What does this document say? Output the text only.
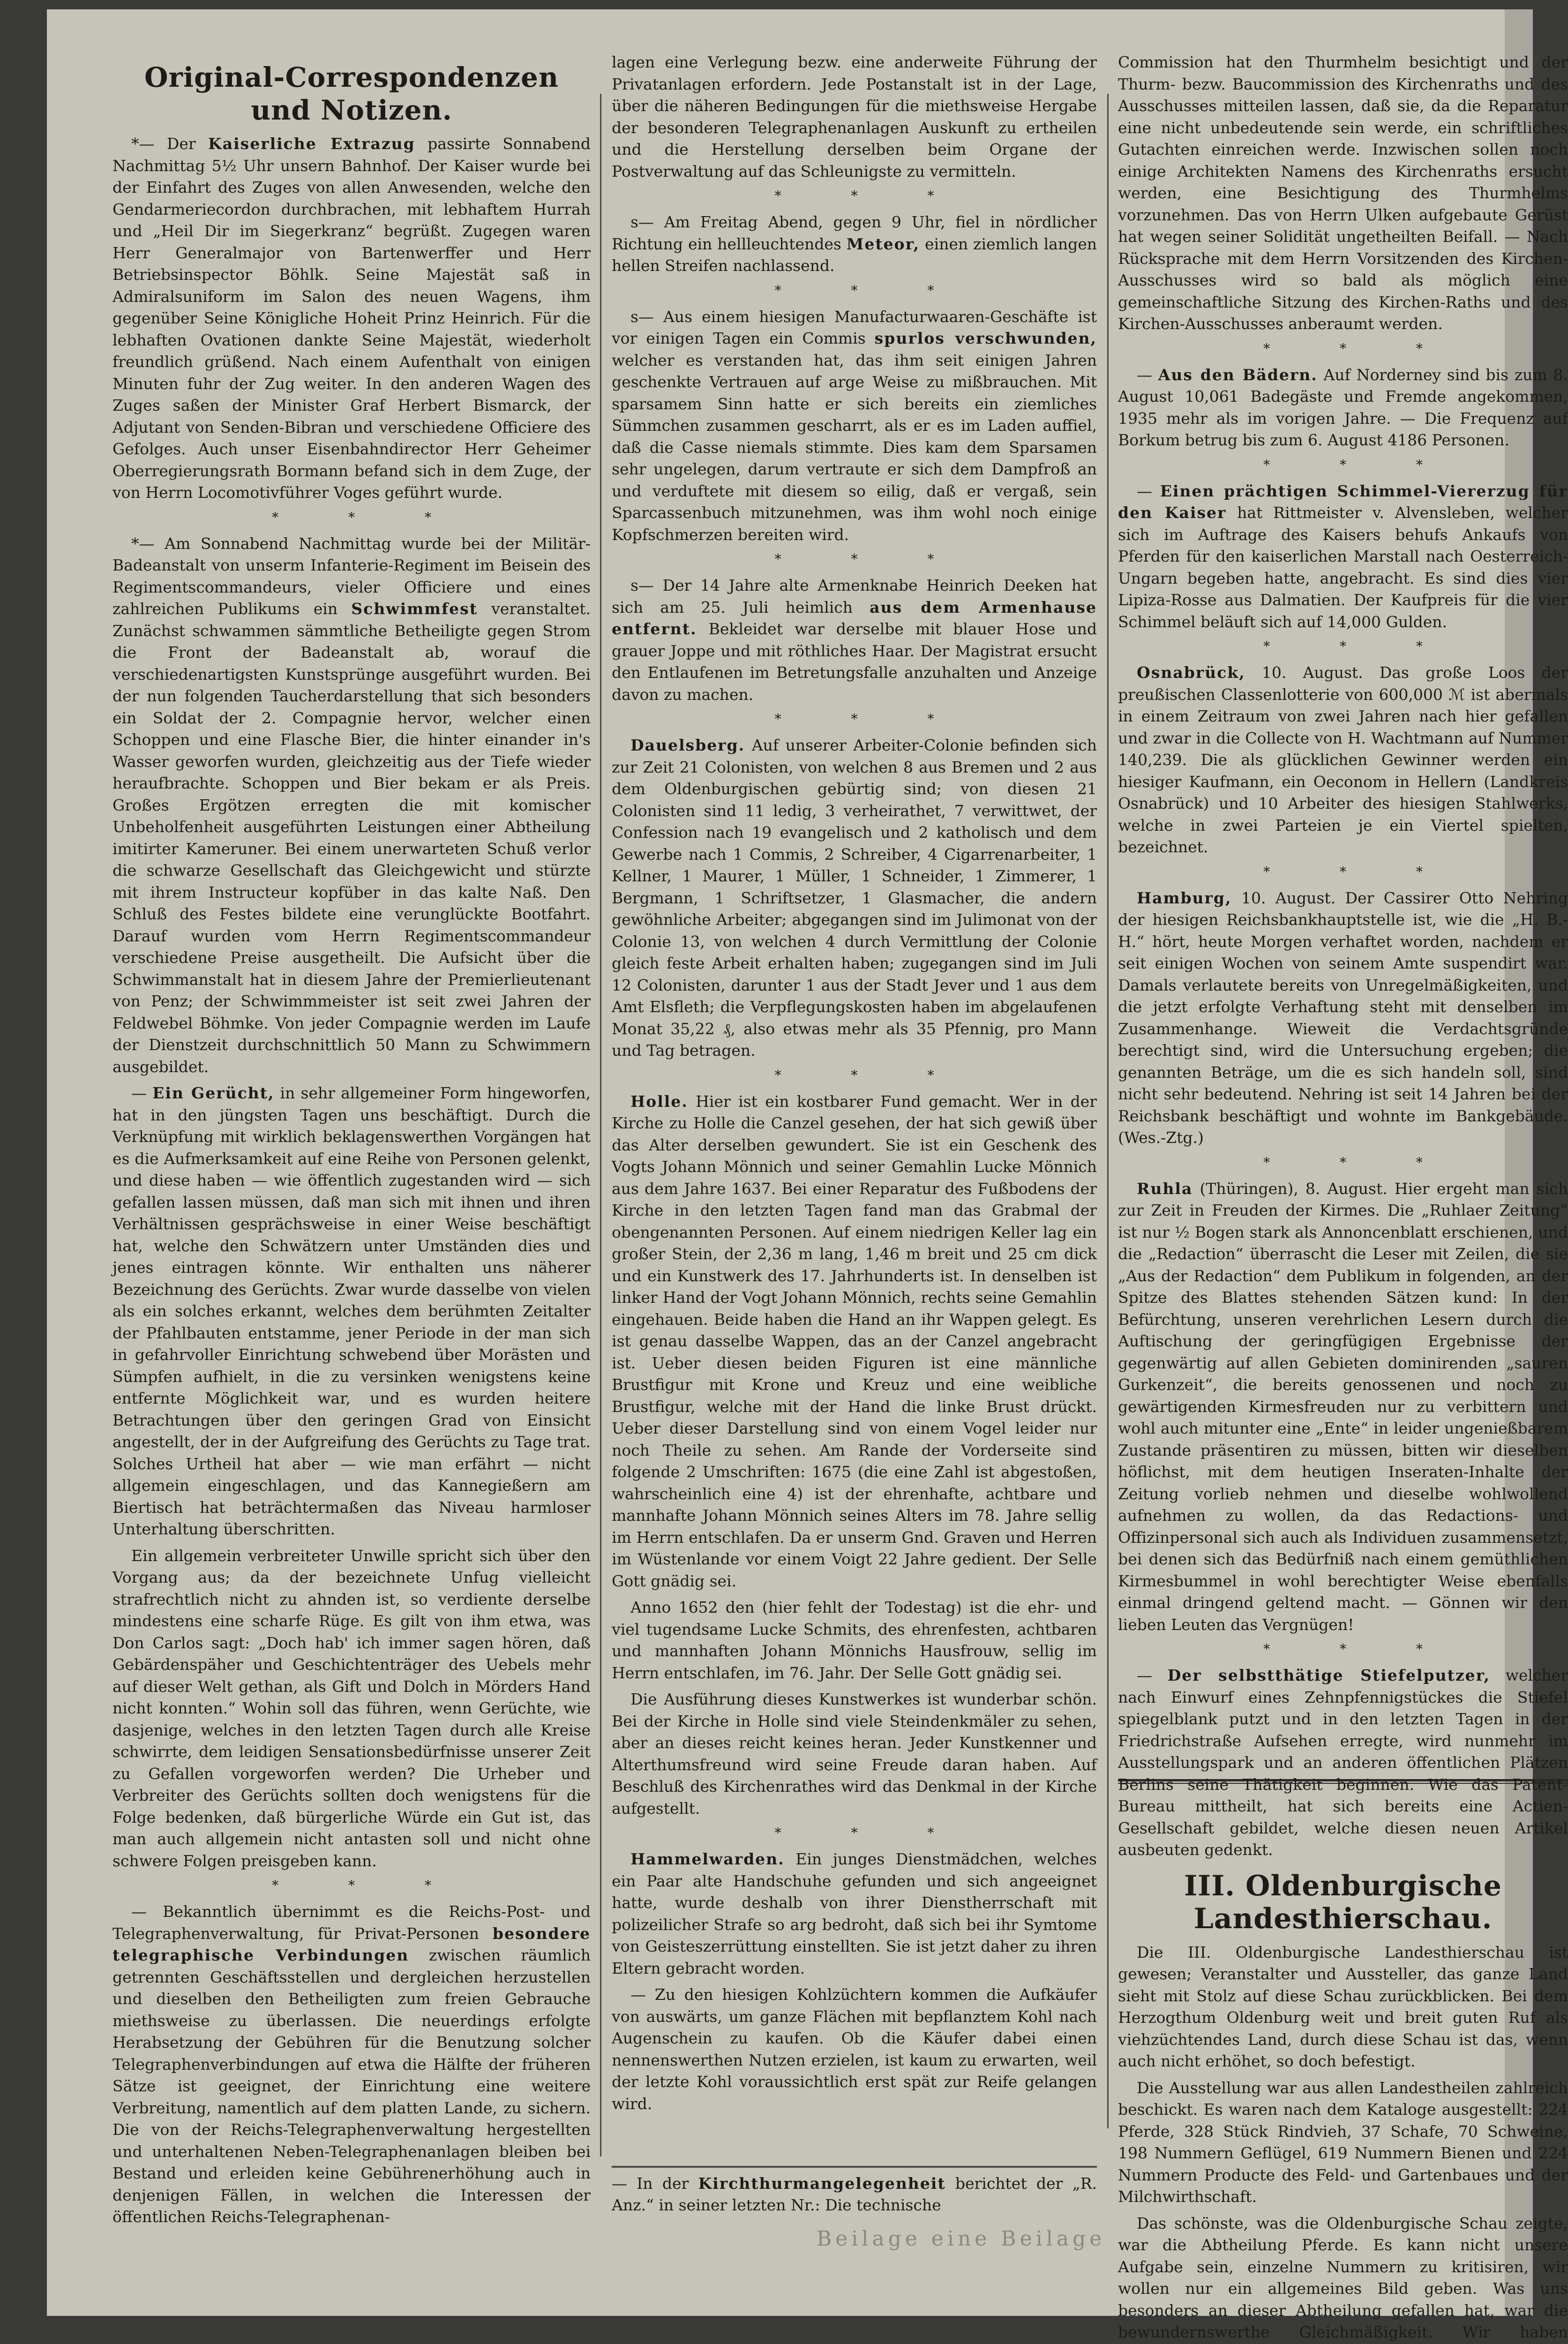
Original-Correspondenzen und Notizen.

*— Der Kaiserliche Extrazug passirte Sonnabend Nachmittag 5½ Uhr unsern Bahnhof. Der Kaiser wurde bei der Einfahrt des Zuges von allen Anwesenden, welche den Gendarmeriecordon durchbrachen, mit lebhaftem Hurrah und „Heil Dir im Siegerkranz“ begrüßt. Zugegen waren Herr Generalmajor von Bartenwerffer und Herr Betriebsinspector Böhlk. Seine Majestät saß in Admiralsuniform im Salon des neuen Wagens, ihm gegenüber Seine Königliche Hoheit Prinz Heinrich. Für die lebhaften Ovationen dankte Seine Majestät, wiederholt freundlich grüßend. Nach einem Aufenthalt von einigen Minuten fuhr der Zug weiter. In den anderen Wagen des Zuges saßen der Minister Graf Herbert Bismarck, der Adjutant von Senden-Bibran und verschiedene Officiere des Gefolges. Auch unser Eisenbahndirector Herr Geheimer Oberregierungsrath Bormann befand sich in dem Zuge, der von Herrn Locomotivführer Voges geführt wurde.

* * *

*— Am Sonnabend Nachmittag wurde bei der Militär-Badeanstalt von unserm Infanterie-Regiment im Beisein des Regimentscommandeurs, vieler Officiere und eines zahlreichen Publikums ein Schwimmfest veranstaltet. Zunächst schwammen sämmtliche Betheiligte gegen Strom die Front der Badeanstalt ab, worauf die verschiedenartigsten Kunstsprünge ausgeführt wurden. Bei der nun folgenden Taucherdarstellung that sich besonders ein Soldat der 2. Compagnie hervor, welcher einen Schoppen und eine Flasche Bier, die hinter einander in's Wasser geworfen wurden, gleichzeitig aus der Tiefe wieder heraufbrachte. Schoppen und Bier bekam er als Preis. Großes Ergötzen erregten die mit komischer Unbeholfenheit ausgeführten Leistungen einer Abtheilung imitirter Kameruner. Bei einem unerwarteten Schuß verlor die schwarze Gesellschaft das Gleichgewicht und stürzte mit ihrem Instructeur kopfüber in das kalte Naß. Den Schluß des Festes bildete eine verunglückte Bootfahrt. Darauf wurden vom Herrn Regimentscommandeur verschiedene Preise ausgetheilt. Die Aufsicht über die Schwimmanstalt hat in diesem Jahre der Premierlieutenant von Penz; der Schwimmmeister ist seit zwei Jahren der Feldwebel Böhmke. Von jeder Compagnie werden im Laufe der Dienstzeit durchschnittlich 50 Mann zu Schwimmern ausgebildet.

— Ein Gerücht, in sehr allgemeiner Form hingeworfen, hat in den jüngsten Tagen uns beschäftigt. Durch die Verknüpfung mit wirklich beklagenswerthen Vorgängen hat es die Aufmerksamkeit auf eine Reihe von Personen gelenkt, und diese haben — wie öffentlich zugestanden wird — sich gefallen lassen müssen, daß man sich mit ihnen und ihren Verhältnissen gesprächsweise in einer Weise beschäftigt hat, welche den Schwätzern unter Umständen dies und jenes eintragen könnte. Wir enthalten uns näherer Bezeichnung des Gerüchts. Zwar wurde dasselbe von vielen als ein solches erkannt, welches dem berühmten Zeitalter der Pfahlbauten entstamme, jener Periode in der man sich in gefahrvoller Einrichtung schwebend über Morästen und Sümpfen aufhielt, in die zu versinken wenigstens keine entfernte Möglichkeit war, und es wurden heitere Betrachtungen über den geringen Grad von Einsicht angestellt, der in der Aufgreifung des Gerüchts zu Tage trat. Solches Urtheil hat aber — wie man erfährt — nicht allgemein eingeschlagen, und das Kannegießern am Biertisch hat beträchtermaßen das Niveau harmloser Unterhaltung überschritten.

Ein allgemein verbreiteter Unwille spricht sich über den Vorgang aus; da der bezeichnete Unfug vielleicht strafrechtlich nicht zu ahnden ist, so verdiente derselbe mindestens eine scharfe Rüge. Es gilt von ihm etwa, was Don Carlos sagt: „Doch hab' ich immer sagen hören, daß Gebärdenspäher und Geschichtenträger des Uebels mehr auf dieser Welt gethan, als Gift und Dolch in Mörders Hand nicht konnten.“ Wohin soll das führen, wenn Gerüchte, wie dasjenige, welches in den letzten Tagen durch alle Kreise schwirrte, dem leidigen Sensationsbedürfnisse unserer Zeit zu Gefallen vorgeworfen werden? Die Urheber und Verbreiter des Gerüchts sollten doch wenigstens für die Folge bedenken, daß bürgerliche Würde ein Gut ist, das man auch allgemein nicht antasten soll und nicht ohne schwere Folgen preisgeben kann.

* * *

— Bekanntlich übernimmt es die Reichs-Post- und Telegraphenverwaltung, für Privat-Personen besondere telegraphische Verbindungen zwischen räumlich getrennten Geschäftsstellen und dergleichen herzustellen und dieselben den Betheiligten zum freien Gebrauche miethsweise zu überlassen. Die neuerdings erfolgte Herabsetzung der Gebühren für die Benutzung solcher Telegraphenverbindungen auf etwa die Hälfte der früheren Sätze ist geeignet, der Einrichtung eine weitere Verbreitung, namentlich auf dem platten Lande, zu sichern. Die von der Reichs-Telegraphenverwaltung hergestellten und unterhaltenen Neben-Telegraphenanlagen bleiben bei Bestand und erleiden keine Gebührenerhöhung auch in denjenigen Fällen, in welchen die Interessen der öffentlichen Reichs-Telegraphenan-

lagen eine Verlegung bezw. eine anderweite Führung der Privatanlagen erfordern. Jede Postanstalt ist in der Lage, über die näheren Bedingungen für die miethsweise Hergabe der besonderen Telegraphenanlagen Auskunft zu ertheilen und die Herstellung derselben beim Organe der Postverwaltung auf das Schleunigste zu vermitteln.

* * *

s— Am Freitag Abend, gegen 9 Uhr, fiel in nördlicher Richtung ein hellleuchtendes Meteor, einen ziemlich langen hellen Streifen nachlassend.

* * *

s— Aus einem hiesigen Manufacturwaaren-Geschäfte ist vor einigen Tagen ein Commis spurlos verschwunden, welcher es verstanden hat, das ihm seit einigen Jahren geschenkte Vertrauen auf arge Weise zu mißbrauchen. Mit sparsamem Sinn hatte er sich bereits ein ziemliches Sümmchen zusammen gescharrt, als er es im Laden auffiel, daß die Casse niemals stimmte. Dies kam dem Sparsamen sehr ungelegen, darum vertraute er sich dem Dampfroß an und verduftete mit diesem so eilig, daß er vergaß, sein Sparcassenbuch mitzunehmen, was ihm wohl noch einige Kopfschmerzen bereiten wird.

* * *

s— Der 14 Jahre alte Armenknabe Heinrich Deeken hat sich am 25. Juli heimlich aus dem Armenhause entfernt. Bekleidet war derselbe mit blauer Hose und grauer Joppe und mit röthliches Haar. Der Magistrat ersucht den Entlaufenen im Betretungsfalle anzuhalten und Anzeige davon zu machen.

* * *

Dauelsberg. Auf unserer Arbeiter-Colonie befinden sich zur Zeit 21 Colonisten, von welchen 8 aus Bremen und 2 aus dem Oldenburgischen gebürtig sind; von diesen 21 Colonisten sind 11 ledig, 3 verheirathet, 7 verwittwet, der Confession nach 19 evangelisch und 2 katholisch und dem Gewerbe nach 1 Commis, 2 Schreiber, 4 Cigarrenarbeiter, 1 Kellner, 1 Maurer, 1 Müller, 1 Schneider, 1 Zimmerer, 1 Bergmann, 1 Schriftsetzer, 1 Glasmacher, die andern gewöhnliche Arbeiter; abgegangen sind im Julimonat von der Colonie 13, von welchen 4 durch Vermittlung der Colonie gleich feste Arbeit erhalten haben; zugegangen sind im Juli 12 Colonisten, darunter 1 aus der Stadt Jever und 1 aus dem Amt Elsfleth; die Verpflegungskosten haben im abgelaufenen Monat 35,22 ₰, also etwas mehr als 35 Pfennig, pro Mann und Tag betragen.

* * *

Holle. Hier ist ein kostbarer Fund gemacht. Wer in der Kirche zu Holle die Canzel gesehen, der hat sich gewiß über das Alter derselben gewundert. Sie ist ein Geschenk des Vogts Johann Mönnich und seiner Gemahlin Lucke Mönnich aus dem Jahre 1637. Bei einer Reparatur des Fußbodens der Kirche in den letzten Tagen fand man das Grabmal der obengenannten Personen. Auf einem niedrigen Keller lag ein großer Stein, der 2,36 m lang, 1,46 m breit und 25 cm dick und ein Kunstwerk des 17. Jahrhunderts ist. In denselben ist linker Hand der Vogt Johann Mönnich, rechts seine Gemahlin eingehauen. Beide haben die Hand an ihr Wappen gelegt. Es ist genau dasselbe Wappen, das an der Canzel angebracht ist. Ueber diesen beiden Figuren ist eine männliche Brustfigur mit Krone und Kreuz und eine weibliche Brustfigur, welche mit der Hand die linke Brust drückt. Ueber dieser Darstellung sind von einem Vogel leider nur noch Theile zu sehen. Am Rande der Vorderseite sind folgende 2 Umschriften: 1675 (die eine Zahl ist abgestoßen, wahrscheinlich eine 4) ist der ehrenhafte, achtbare und mannhafte Johann Mönnich seines Alters im 78. Jahre sellig im Herrn entschlafen. Da er unserm Gnd. Graven und Herren im Wüstenlande vor einem Voigt 22 Jahre gedient. Der Selle Gott gnädig sei.

Anno 1652 den (hier fehlt der Todestag) ist die ehr- und viel tugendsame Lucke Schmits, des ehrenfesten, achtbaren und mannhaften Johann Mönnichs Hausfrouw, sellig im Herrn entschlafen, im 76. Jahr. Der Selle Gott gnädig sei.

Die Ausführung dieses Kunstwerkes ist wunderbar schön. Bei der Kirche in Holle sind viele Steindenkmäler zu sehen, aber an dieses reicht keines heran. Jeder Kunstkenner und Alterthumsfreund wird seine Freude daran haben. Auf Beschluß des Kirchenrathes wird das Denkmal in der Kirche aufgestellt.

* * *

Hammelwarden. Ein junges Dienstmädchen, welches ein Paar alte Handschuhe gefunden und sich angeeignet hatte, wurde deshalb von ihrer Dienstherrschaft mit polizeilicher Strafe so arg bedroht, daß sich bei ihr Symtome von Geisteszerrüttung einstellten. Sie ist jetzt daher zu ihren Eltern gebracht worden.

— Zu den hiesigen Kohlzüchtern kommen die Aufkäufer von auswärts, um ganze Flächen mit bepflanztem Kohl nach Augenschein zu kaufen. Ob die Käufer dabei einen nennenswerthen Nutzen erzielen, ist kaum zu erwarten, weil der letzte Kohl voraussichtlich erst spät zur Reife gelangen wird.

— In der Kirchthurmangelegenheit berichtet der „R. Anz.“ in seiner letzten Nr.: Die technische

Commission hat den Thurmhelm besichtigt und der Thurm- bezw. Baucommission des Kirchenraths und des Ausschusses mitteilen lassen, daß sie, da die Reparatur eine nicht unbedeutende sein werde, ein schriftliches Gutachten einreichen werde. Inzwischen sollen noch einige Architekten Namens des Kirchenraths ersucht werden, eine Besichtigung des Thurmhelms vorzunehmen. Das von Herrn Ulken aufgebaute Gerüst hat wegen seiner Solidität ungetheilten Beifall. — Nach Rücksprache mit dem Herrn Vorsitzenden des Kirchen-Ausschusses wird so bald als möglich eine gemeinschaftliche Sitzung des Kirchen-Raths und des Kirchen-Ausschusses anberaumt werden.

* * *

— Aus den Bädern. Auf Norderney sind bis zum 8. August 10,061 Badegäste und Fremde angekommen, 1935 mehr als im vorigen Jahre. — Die Frequenz auf Borkum betrug bis zum 6. August 4186 Personen.

* * *

— Einen prächtigen Schimmel-Viererzug für den Kaiser hat Rittmeister v. Alvensleben, welcher sich im Auftrage des Kaisers behufs Ankaufs von Pferden für den kaiserlichen Marstall nach Oesterreich-Ungarn begeben hatte, angebracht. Es sind dies vier Lipiza-Rosse aus Dalmatien. Der Kaufpreis für die vier Schimmel beläuft sich auf 14,000 Gulden.

* * *

Osnabrück, 10. August. Das große Loos der preußischen Classenlotterie von 600,000 ℳ ist abermals in einem Zeitraum von zwei Jahren nach hier gefallen und zwar in die Collecte von H. Wachtmann auf Nummer 140,239. Die als glücklichen Gewinner werden ein hiesiger Kaufmann, ein Oeconom in Hellern (Landkreis Osnabrück) und 10 Arbeiter des hiesigen Stahlwerks, welche in zwei Parteien je ein Viertel spielten, bezeichnet.

* * *

Hamburg, 10. August. Der Cassirer Otto Nehring der hiesigen Reichsbankhauptstelle ist, wie die „H. B.-H.“ hört, heute Morgen verhaftet worden, nachdem er seit einigen Wochen von seinem Amte suspendirt war. Damals verlautete bereits von Unregelmäßigkeiten, und die jetzt erfolgte Verhaftung steht mit denselben im Zusammenhange. Wieweit die Verdachtsgründe berechtigt sind, wird die Untersuchung ergeben; die genannten Beträge, um die es sich handeln soll, sind nicht sehr bedeutend. Nehring ist seit 14 Jahren bei der Reichsbank beschäftigt und wohnte im Bankgebäude. (Wes.-Ztg.)

* * *

Ruhla (Thüringen), 8. August. Hier ergeht man sich zur Zeit in Freuden der Kirmes. Die „Ruhlaer Zeitung“ ist nur ½ Bogen stark als Annoncenblatt erschienen, und die „Redaction“ überrascht die Leser mit Zeilen, die sie „Aus der Redaction“ dem Publikum in folgenden, an der Spitze des Blattes stehenden Sätzen kund: In der Befürchtung, unseren verehrlichen Lesern durch die Auftischung der geringfügigen Ergebnisse der gegenwärtig auf allen Gebieten dominirenden „sauren Gurkenzeit“, die bereits genossenen und noch zu gewärtigenden Kirmesfreuden nur zu verbittern und wohl auch mitunter eine „Ente“ in leider ungenießbarem Zustande präsentiren zu müssen, bitten wir dieselben höflichst, mit dem heutigen Inseraten-Inhalte der Zeitung vorlieb nehmen und dieselbe wohlwollend aufnehmen zu wollen, da das Redactions- und Offizinpersonal sich auch als Individuen zusammensetzt, bei denen sich das Bedürfniß nach einem gemüthlichen Kirmesbummel in wohl berechtigter Weise ebenfalls einmal dringend geltend macht. — Gönnen wir den lieben Leuten das Vergnügen!

* * *

— Der selbstthätige Stiefelputzer, welcher nach Einwurf eines Zehnpfennigstückes die Stiefel spiegelblank putzt und in den letzten Tagen in der Friedrichstraße Aufsehen erregte, wird nunmehr im Ausstellungspark und an anderen öffentlichen Plätzen Berlins seine Thätigkeit beginnen. Wie das Patent-Bureau mittheilt, hat sich bereits eine Actien-Gesellschaft gebildet, welche diesen neuen Artikel ausbeuten gedenkt.

III. Oldenburgische Landesthierschau.

Die III. Oldenburgische Landesthierschau ist gewesen; Veranstalter und Aussteller, das ganze Land sieht mit Stolz auf diese Schau zurückblicken. Bei dem Herzogthum Oldenburg weit und breit guten Ruf als viehzüchtendes Land, durch diese Schau ist das, wenn auch nicht erhöhet, so doch befestigt.

Die Ausstellung war aus allen Landestheilen zahlreich beschickt. Es waren nach dem Kataloge ausgestellt: 224 Pferde, 328 Stück Rindvieh, 37 Schafe, 70 Schweine, 198 Nummern Geflügel, 619 Nummern Bienen und 224 Nummern Producte des Feld- und Gartenbaues und der Milchwirthschaft.

Das schönste, was die Oldenburgische Schau zeigte, war die Abtheilung Pferde. Es kann nicht unsere Aufgabe sein, einzelne Nummern zu kritisiren, wir wollen nur ein allgemeines Bild geben. Was uns besonders an dieser Abtheilung gefallen hat, war die bewundernswerthe Gleichmäßigkeit. Wir haben

Beilage eine Beilage
